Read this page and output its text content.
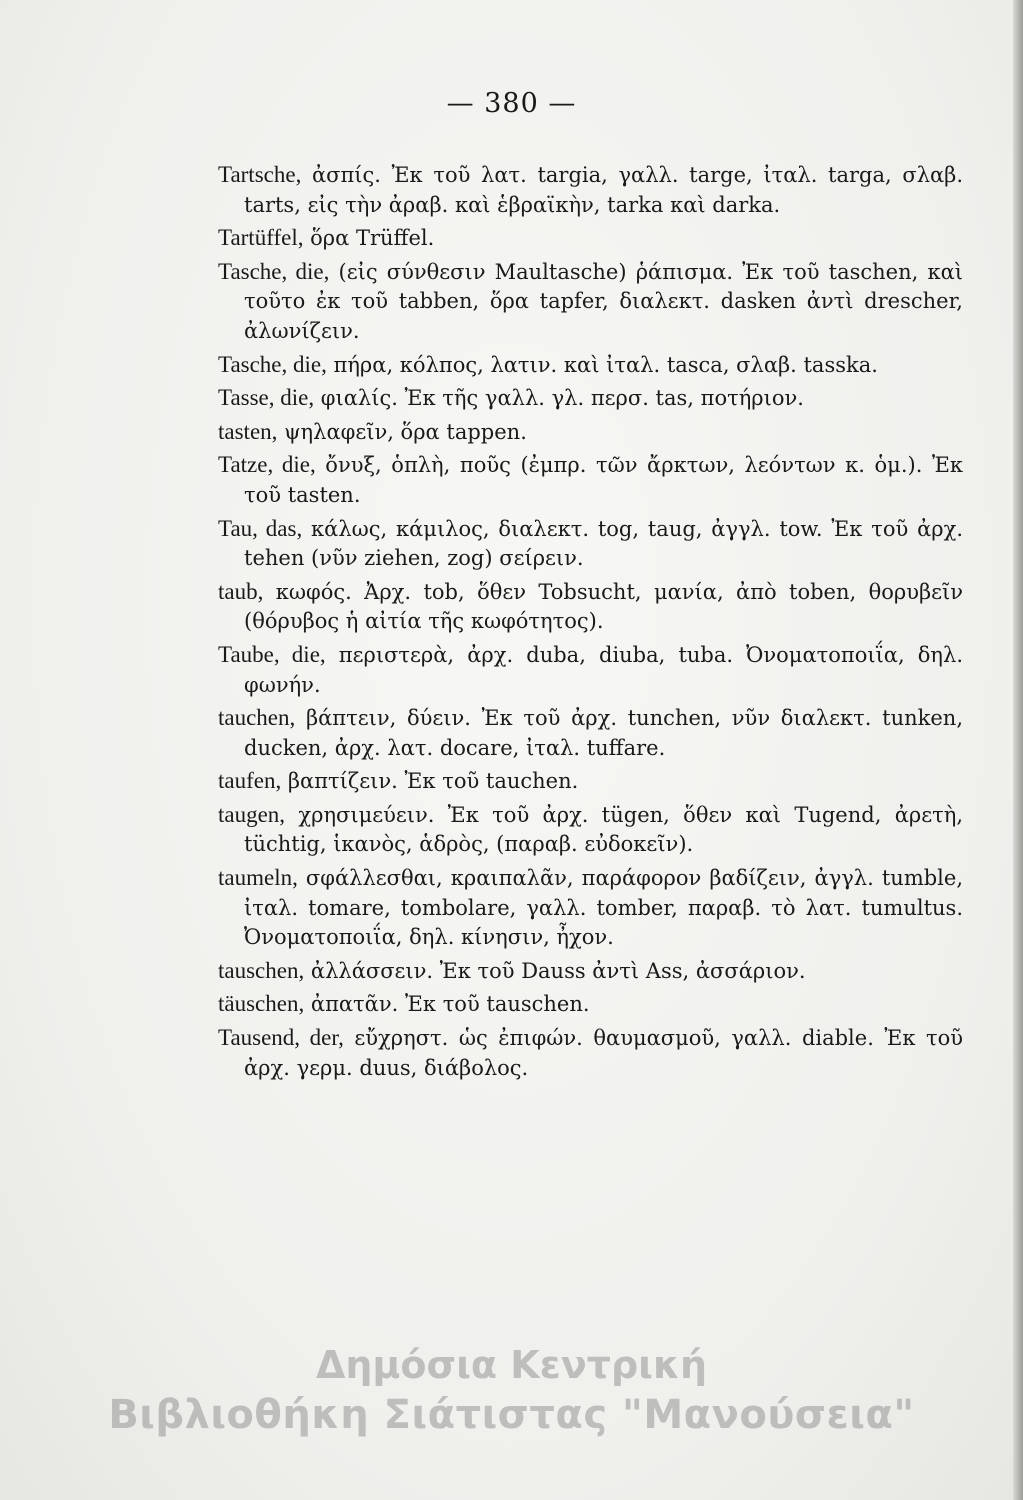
— 380 —

Tartsche, ἀσπίς. Ἐκ τοῦ λατ. targia, γαλλ. targe, ἰταλ. targa, σλαβ. tarts, εἰς τὴν ἀραβ. καὶ ἑβραϊκὴν, tarka καὶ darka.

Tartüffel, ὅρα Trüffel.

Tasche, die, (εἰς σύνθεσιν Maultasche) ῥάπισμα. Ἐκ τοῦ taschen, καὶ τοῦτο ἐκ τοῦ tabben, ὅρα tapfer, διαλεκτ. dasken ἀντὶ drescher, ἀλωνίζειν.

Tasche, die, πήρα, κόλπος, λατιν. καὶ ἰταλ. tasca, σλαβ. tasska.

Tasse, die, φιαλίς. Ἐκ τῆς γαλλ. γλ. περσ. tas, ποτήριον.

tasten, ψηλαφεῖν, ὅρα tappen.

Tatze, die, ὄνυξ, ὁπλὴ, ποῦς (ἐμπρ. τῶν ἄρκτων, λεόντων κ. ὁμ.). Ἐκ τοῦ tasten.

Tau, das, κάλως, κάμιλος, διαλεκτ. tog, taug, ἀγγλ. tow. Ἐκ τοῦ ἀρχ. tehen (νῦν ziehen, zog) σείρειν.

taub, κωφός. Ἀρχ. tob, ὅθεν Tobsucht, μανία, ἀπὸ toben, θορυβεῖν (θόρυβος ἡ αἰτία τῆς κωφότητος).

Taube, die, περιστερὰ, ἀρχ. duba, diuba, tuba. Ὀνοματοποιΐα, δηλ. φωνήν.

tauchen, βάπτειν, δύειν. Ἐκ τοῦ ἀρχ. tunchen, νῦν διαλεκτ. tunken, ducken, ἀρχ. λατ. docare, ἰταλ. tuffare.

taufen, βαπτίζειν. Ἐκ τοῦ tauchen.

taugen, χρησιμεύειν. Ἐκ τοῦ ἀρχ. tügen, ὅθεν καὶ Tugend, ἀρετὴ, tüchtig, ἱκανὸς, ἁδρὸς, (παραβ. εὐδοκεῖν).

taumeln, σφάλλεσθαι, κραιπαλᾶν, παράφορον βαδίζειν, ἀγγλ. tumble, ἰταλ. tomare, tombolare, γαλλ. tomber, παραβ. τὸ λατ. tumultus. Ὀνοματοποιΐα, δηλ. κίνησιν, ἦχον.

tauschen, ἀλλάσσειν. Ἐκ τοῦ Dauss ἀντὶ Ass, ἀσσάριον.

täuschen, ἀπατᾶν. Ἐκ τοῦ tauschen.

Tausend, der, εὔχρηστ. ὡς ἐπιφών. θαυμασμοῦ, γαλλ. diable. Ἐκ τοῦ ἀρχ. γερμ. duus, διάβολος.

Δημόσια Κεντρική
Βιβλιοθήκη Σιάτιστας "Μανούσεια"
